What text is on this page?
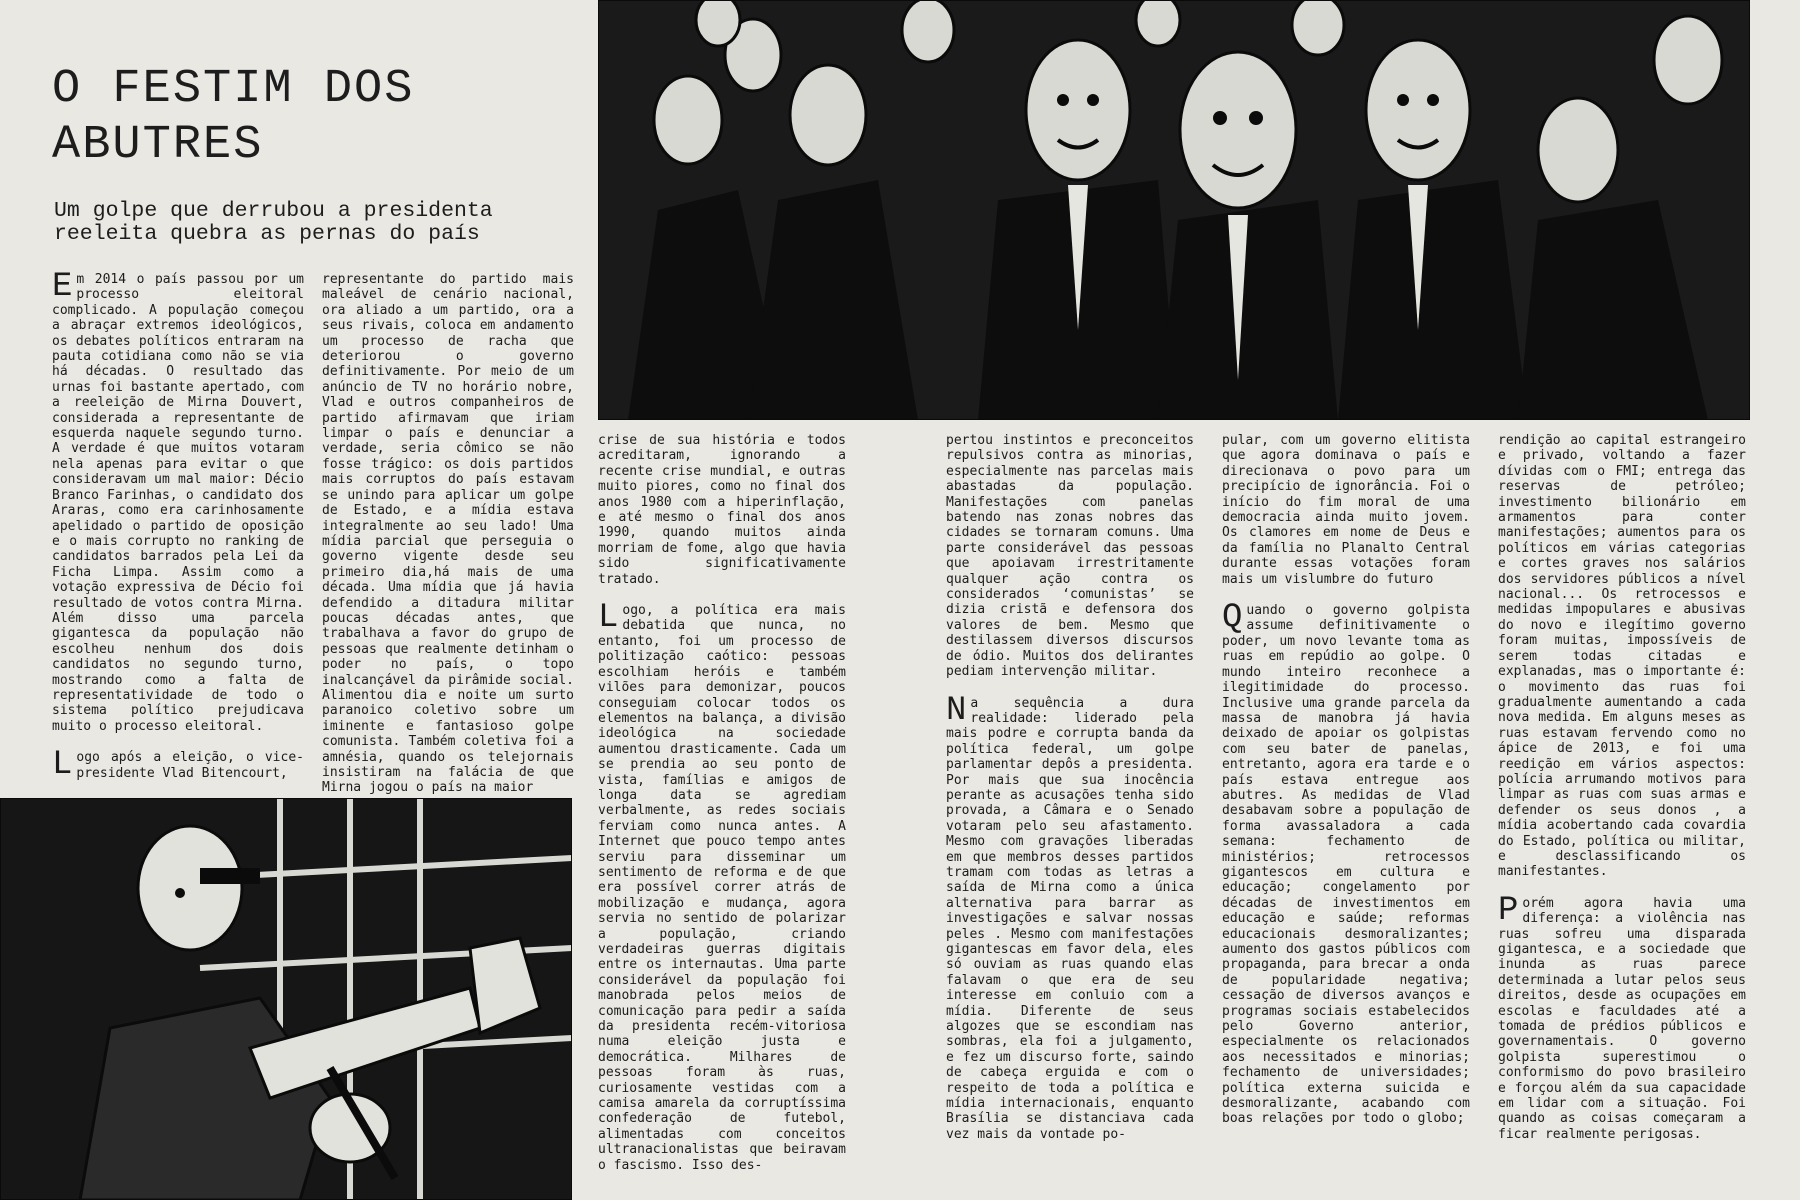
O FESTIM DOS ABUTRES
Um golpe que derrubou a presidenta reeleita quebra as pernas do país

Em 2014 o país passou por um processo eleitoral complicado. A população começou a abraçar extremos ideológicos, os debates políticos entraram na pauta cotidiana como não se via há décadas. O resultado das urnas foi bastante apertado, com a reeleição de Mirna Douvert, considerada a representante de esquerda naquele segundo turno. A verdade é que muitos votaram nela apenas para evitar o que consideravam um mal maior: Décio Branco Farinhas, o candidato dos Araras, como era carinhosamente apelidado o partido de oposição e o mais corrupto no ranking de candidatos barrados pela Lei da Ficha Limpa. Assim como a votação expressiva de Décio foi resultado de votos contra Mirna. Além disso uma parcela gigantesca da população não escolheu nenhum dos dois candidatos no segundo turno, mostrando como a falta de representatividade de todo o sistema político prejudicava muito o processo eleitoral.

Logo após a eleição, o vice-presidente Vlad Bitencourt,

representante do partido mais maleável de cenário nacional, ora aliado a um partido, ora a seus rivais, coloca em andamento um processo de racha que deteriorou o governo definitivamente. Por meio de um anúncio de TV no horário nobre, Vlad e outros companheiros de partido afirmavam que iriam limpar o país e denunciar a verdade, seria cômico se não fosse trágico: os dois partidos mais corruptos do país estavam se unindo para aplicar um golpe de Estado, e a mídia estava integralmente ao seu lado! Uma mídia parcial que perseguia o governo vigente desde seu primeiro dia,há mais de uma década. Uma mídia que já havia defendido a ditadura militar poucas décadas antes, que trabalhava a favor do grupo de pessoas que realmente detinham o poder no país, o topo inalcançável da pirâmide social. Alimentou dia e noite um surto paranoico coletivo sobre um iminente e fantasioso golpe comunista. Também coletiva foi a amnésia, quando os telejornais insistiram na falácia de que Mirna jogou o país na maior

crise de sua história e todos acreditaram, ignorando a recente crise mundial, e outras muito piores, como no final dos anos 1980 com a hiperinflação, e até mesmo o final dos anos 1990, quando muitos ainda morriam de fome, algo que havia sido significativamente tratado.

Logo, a política era mais debatida que nunca, no entanto, foi um processo de politização caótico: pessoas escolhiam heróis e também vilões para demonizar, poucos conseguiam colocar todos os elementos na balança, a divisão ideológica na sociedade aumentou drasticamente. Cada um se prendia ao seu ponto de vista, famílias e amigos de longa data se agrediam verbalmente, as redes sociais ferviam como nunca antes. A Internet que pouco tempo antes serviu para disseminar um sentimento de reforma e de que era possível correr atrás de mobilização e mudança, agora servia no sentido de polarizar a população, criando verdadeiras guerras digitais entre os internautas. Uma parte considerável da população foi manobrada pelos meios de comunicação para pedir a saída da presidenta recém-vitoriosa numa eleição justa e democrática. Milhares de pessoas foram às ruas, curiosamente vestidas com a camisa amarela da corruptíssima confederação de futebol, alimentadas com conceitos ultranacionalistas que beiravam o fascismo. Isso des-

pertou instintos e preconceitos repulsivos contra as minorias, especialmente nas parcelas mais abastadas da população. Manifestações com panelas batendo nas zonas nobres das cidades se tornaram comuns. Uma parte considerável das pessoas que apoiavam irrestritamente qualquer ação contra os considerados ‘comunistas’ se dizia cristã e defensora dos valores de bem. Mesmo que destilassem diversos discursos de ódio. Muitos dos delirantes pediam intervenção militar.

Na sequência a dura realidade: liderado pela mais podre e corrupta banda da política federal, um golpe parlamentar depôs a presidenta. Por mais que sua inocência perante as acusações tenha sido provada, a Câmara e o Senado votaram pelo seu afastamento. Mesmo com gravações liberadas em que membros desses partidos tramam com todas as letras a saída de Mirna como a única alternativa para barrar as investigações e salvar nossas peles . Mesmo com manifestações gigantescas em favor dela, eles só ouviam as ruas quando elas falavam o que era de seu interesse em conluio com a mídia. Diferente de seus algozes que se escondiam nas sombras, ela foi a julgamento, e fez um discurso forte, saindo de cabeça erguida e com o respeito de toda a política e mídia internacionais, enquanto Brasília se distanciava cada vez mais da vontade po-

pular, com um governo elitista que agora dominava o país e direcionava o povo para um precipício de ignorância. Foi o início do fim moral de uma democracia ainda muito jovem. Os clamores em nome de Deus e da família no Planalto Central durante essas votações foram mais um vislumbre do futuro

Quando o governo golpista assume definitivamente o poder, um novo levante toma as ruas em repúdio ao golpe. O mundo inteiro reconhece a ilegitimidade do processo. Inclusive uma grande parcela da massa de manobra já havia deixado de apoiar os golpistas com seu bater de panelas, entretanto, agora era tarde e o país estava entregue aos abutres. As medidas de Vlad desabavam sobre a população de forma avassaladora a cada semana: fechamento de ministérios; retrocessos gigantescos em cultura e educação; congelamento por décadas de investimentos em educação e saúde; reformas educacionais desmoralizantes; aumento dos gastos públicos com propaganda, para brecar a onda de popularidade negativa; cessação de diversos avanços e programas sociais estabelecidos pelo Governo anterior, especialmente os relacionados aos necessitados e minorias; fechamento de universidades; política externa suicida e desmoralizante, acabando com boas relações por todo o globo;

rendição ao capital estrangeiro e privado, voltando a fazer dívidas com o FMI; entrega das reservas de petróleo; investimento bilionário em armamentos para conter manifestações; aumentos para os políticos em várias categorias e cortes graves nos salários dos servidores públicos a nível nacional... Os retrocessos e medidas impopulares e abusivas do novo e ilegítimo governo foram muitas, impossíveis de serem todas citadas e explanadas, mas o importante é: o movimento das ruas foi gradualmente aumentando a cada nova medida. Em alguns meses as ruas estavam fervendo como no ápice de 2013, e foi uma reedição em vários aspectos: polícia arrumando motivos para limpar as ruas com suas armas e defender os seus donos , a mídia acobertando cada covardia do Estado, política ou militar, e desclassificando os manifestantes.

Porém agora havia uma diferença: a violência nas ruas sofreu uma disparada gigantesca, e a sociedade que inunda as ruas parece determinada a lutar pelos seus direitos, desde as ocupações em escolas e faculdades até a tomada de prédios públicos e governamentais. O governo golpista superestimou o conformismo do povo brasileiro e forçou além da sua capacidade em lidar com a situação. Foi quando as coisas começaram a ficar realmente perigosas.
